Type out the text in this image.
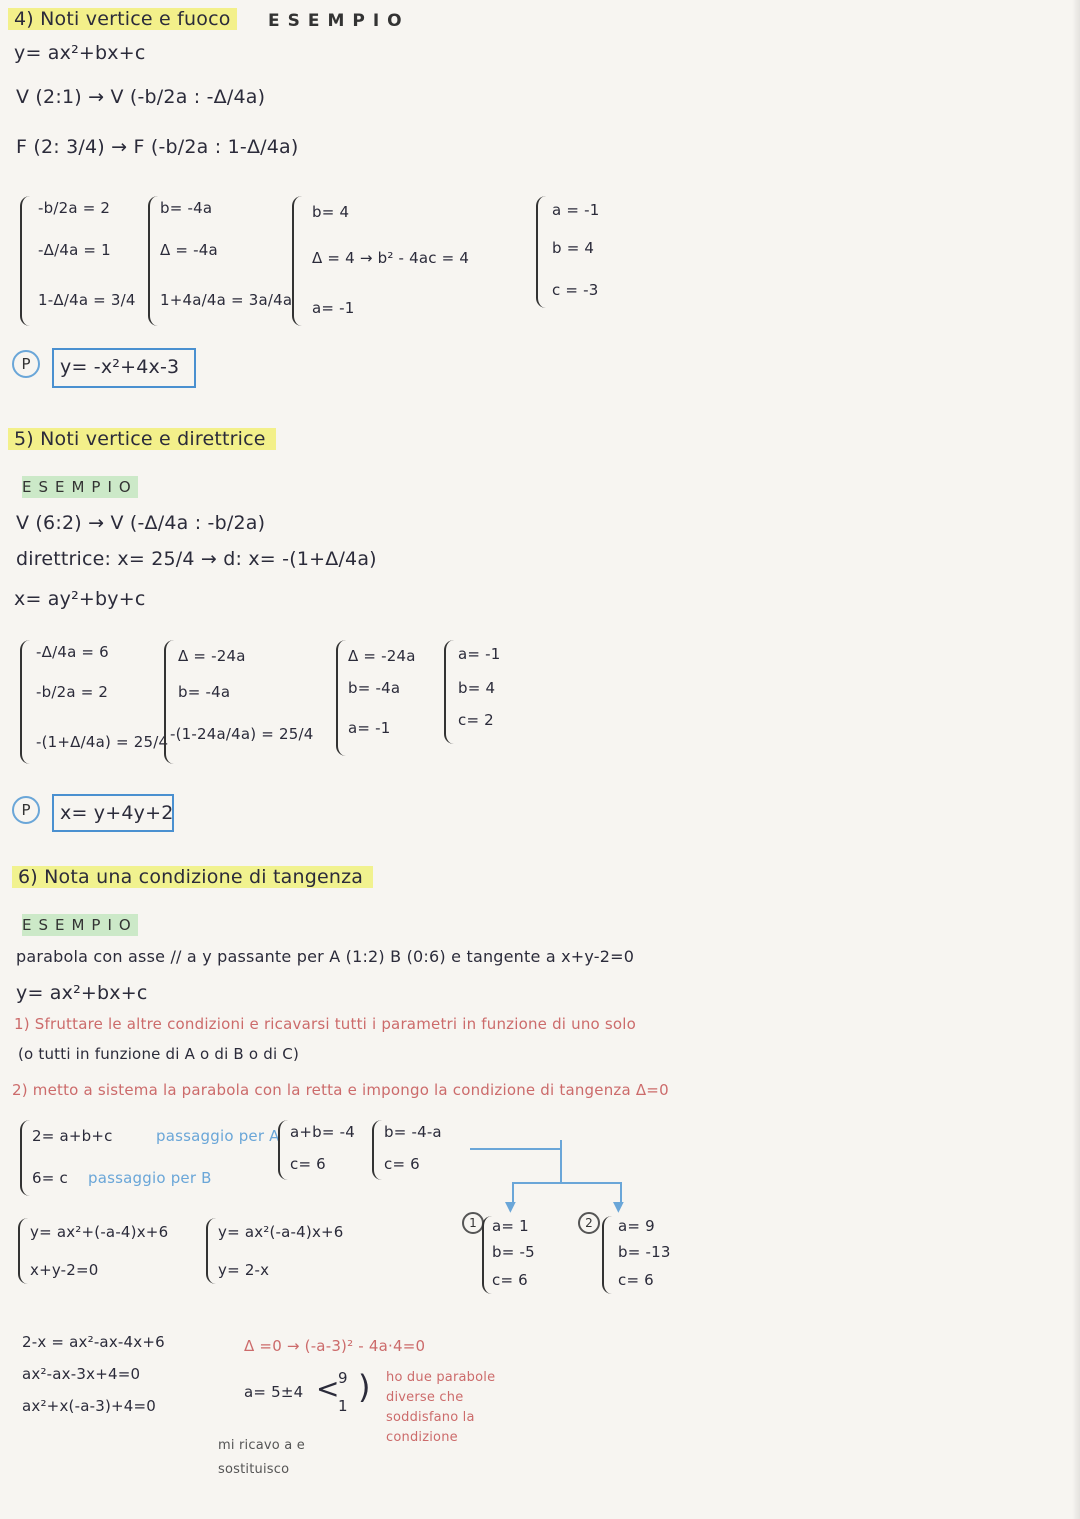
4) Noti vertice e fuoco	ESEMPIO
y= ax²+bx+c
V (2:1) → V (-b/2a : -Δ/4a)
F (2: 3/4) → F (-b/2a : 1-Δ/4a)
-b/2a = 2
-Δ/4a = 1
1-Δ/4a = 3/4
b= -4a
Δ = -4a
1+4a/4a = 3a/4a
b= 4
Δ = 4 → b² - 4ac = 4
a= -1
a = -1
b = 4
c = -3
P	y= -x²+4x-3
5) Noti vertice e direttrice
ESEMPIO
V (6:2) → V (-Δ/4a : -b/2a)
direttrice: x= 25/4 → d: x= -(1+Δ/4a)
x= ay²+by+c
-Δ/4a = 6
-b/2a = 2
-(1+Δ/4a) = 25/4
Δ = -24a
b= -4a
-(1-24a/4a) = 25/4
Δ = -24a
b= -4a
a= -1
a= -1
b= 4
c= 2
P	x= y+4y+2
6) Nota una condizione di tangenza
ESEMPIO
parabola con asse // a y passante per A (1:2) B (0:6) e tangente a x+y-2=0
y= ax²+bx+c
1) Sfruttare le altre condizioni e ricavarsi tutti i parametri in funzione di uno solo
(o tutti in funzione di A o di B o di C)
2) metto a sistema la parabola con la retta e impongo la condizione di tangenza Δ=0
2= a+b+c	passaggio per A
6= c passaggio per B
a+b= -4
c= 6
b= -4-a
c= 6
▼	▼
y= ax²+(-a-4)x+6
x+y-2=0
y= ax²(-a-4)x+6
y= 2-x
1	a= 1
b= -5
c= 6
2	a= 9
b= -13
c= 6
2-x = ax²-ax-4x+6
ax²-ax-3x+4=0
ax²+x(-a-3)+4=0
Δ =0 → (-a-3)² - 4a·4=0
a= 5±4 <
9
1 ) ho due parabole
diverse che
soddisfano la
condizione
mi ricavo a e
sostituisco
